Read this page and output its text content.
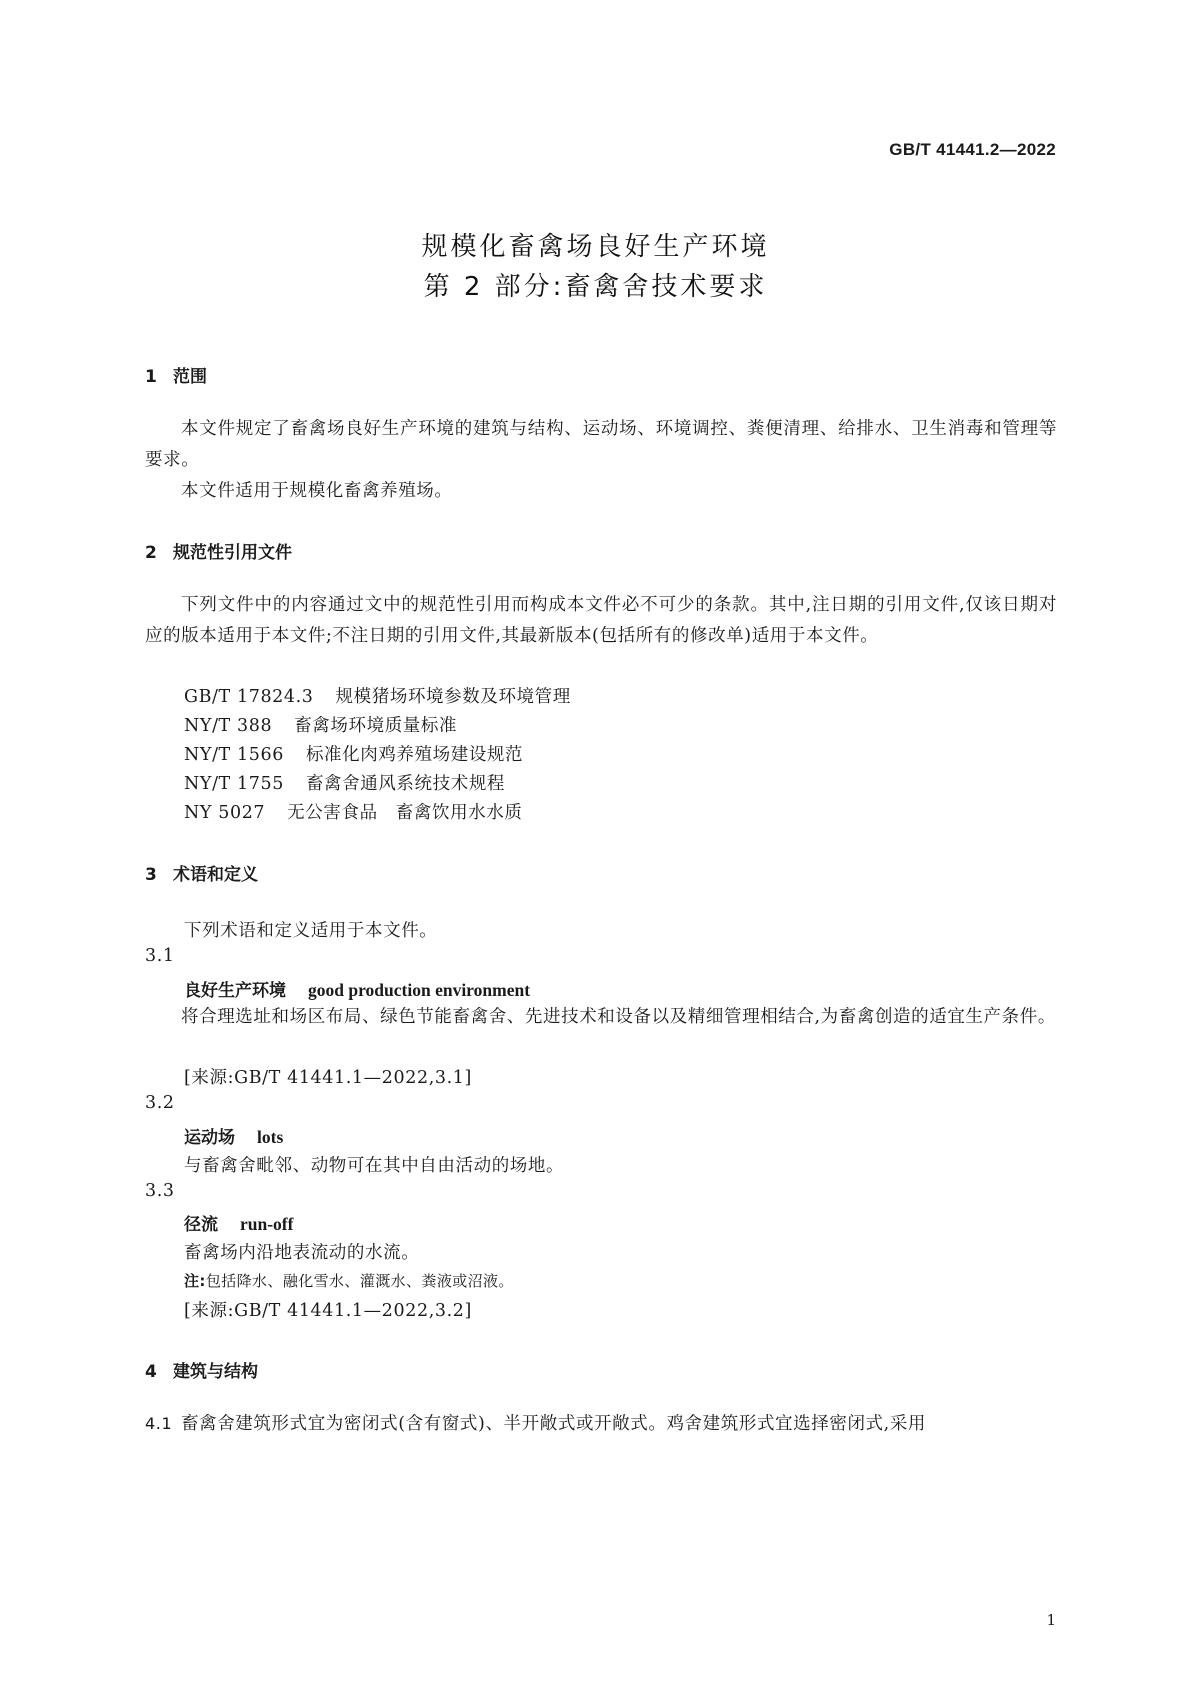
GB/T 41441.2—2022
规模化畜禽场良好生产环境
第 2 部分:畜禽舍技术要求
1 范围
本文件规定了畜禽场良好生产环境的建筑与结构、运动场、环境调控、粪便清理、给排水、卫生消毒和管理等要求。
本文件适用于规模化畜禽养殖场。
2 规范性引用文件
下列文件中的内容通过文中的规范性引用而构成本文件必不可少的条款。其中,注日期的引用文件,仅该日期对应的版本适用于本文件;不注日期的引用文件,其最新版本(包括所有的修改单)适用于本文件。
GB/T 17824.3 规模猪场环境参数及环境管理
NY/T 388 畜禽场环境质量标准
NY/T 1566 标准化肉鸡养殖场建设规范
NY/T 1755 畜禽舍通风系统技术规程
NY 5027 无公害食品　畜禽饮用水水质
3 术语和定义
下列术语和定义适用于本文件。
3.1
良好生产环境 good production environment
将合理选址和场区布局、绿色节能畜禽舍、先进技术和设备以及精细管理相结合,为畜禽创造的适宜生产条件。
[来源:GB/T 41441.1—2022,3.1]
3.2
运动场 lots
与畜禽舍毗邻、动物可在其中自由活动的场地。
3.3
径流 run-off
畜禽场内沿地表流动的水流。
注:包括降水、融化雪水、灌溉水、粪液或沼液。
[来源:GB/T 41441.1—2022,3.2]
4 建筑与结构
4.1 畜禽舍建筑形式宜为密闭式(含有窗式)、半开敞式或开敞式。鸡舍建筑形式宜选择密闭式,采用
1
